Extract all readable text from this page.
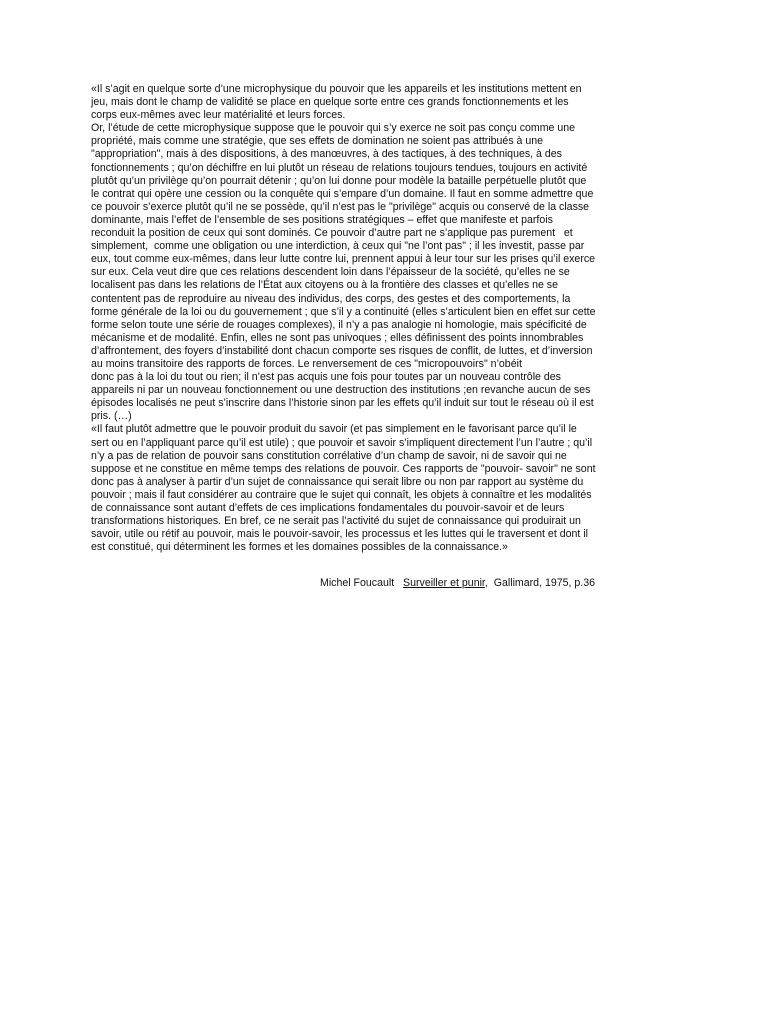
«Il s’agit en quelque sorte d’une microphysique du pouvoir que les appareils et les institutions mettent en
jeu, mais dont le champ de validité se place en quelque sorte entre ces grands fonctionnements et les
corps eux-mêmes avec leur matérialité et leurs forces.
Or, l’étude de cette microphysique suppose que le pouvoir qui s’y exerce ne soit pas conçu comme une
propriété, mais comme une stratégie, que ses effets de domination ne soient pas attribués à une
"appropriation", mais à des dispositions, à des manœuvres, à des tactiques, à des techniques, à des
fonctionnements ; qu’on déchiffre en lui plutôt un réseau de relations toujours tendues, toujours en activité
plutôt qu’un privilège qu’on pourrait détenir ; qu’on lui donne pour modèle la bataille perpétuelle plutôt que
le contrat qui opère une cession ou la conquête qui s’empare d’un domaine. Il faut en somme admettre que
ce pouvoir s’exerce plutôt qu’il ne se possède, qu’il n’est pas le "privilège" acquis ou conservé de la classe
dominante, mais l’effet de l’ensemble de ses positions stratégiques – effet que manifeste et parfois
reconduit la position de ceux qui sont dominés. Ce pouvoir d’autre part ne s’applique pas purement   et
simplement,  comme une obligation ou une interdiction, à ceux qui "ne l’ont pas" ; il les investit, passe par
eux, tout comme eux-mêmes, dans leur lutte contre lui, prennent appui à leur tour sur les prises qu’il exerce
sur eux. Cela veut dire que ces relations descendent loin dans l’épaisseur de la société, qu’elles ne se
localisent pas dans les relations de l’État aux citoyens ou à la frontière des classes et qu’elles ne se
contentent pas de reproduire au niveau des individus, des corps, des gestes et des comportements, la
forme générale de la loi ou du gouvernement ; que s’il y a continuité (elles s’articulent bien en effet sur cette
forme selon toute une série de rouages complexes), il n’y a pas analogie ni homologie, mais spécificité de
mécanisme et de modalité. Enfin, elles ne sont pas univoques ; elles définissent des points innombrables
d’affrontement, des foyers d’instabilité dont chacun comporte ses risques de conflit, de luttes, et d’inversion
au moins transitoire des rapports de forces. Le renversement de ces "micropouvoirs" n’obéit
donc pas à la loi du tout ou rien; il n’est pas acquis une fois pour toutes par un nouveau contrôle des
appareils ni par un nouveau fonctionnement ou une destruction des institutions ;en revanche aucun de ses
épisodes localisés ne peut s’inscrire dans l’historie sinon par les effets qu’il induit sur tout le réseau où il est
pris. (…)
«Il faut plutôt admettre que le pouvoir produit du savoir (et pas simplement en le favorisant parce qu’il le
sert ou en l’appliquant parce qu’il est utile) ; que pouvoir et savoir s’impliquent directement l’un l’autre ; qu’il
n’y a pas de relation de pouvoir sans constitution corrélative d’un champ de savoir, ni de savoir qui ne
suppose et ne constitue en même temps des relations de pouvoir. Ces rapports de "pouvoir- savoir" ne sont
donc pas à analyser à partir d’un sujet de connaissance qui serait libre ou non par rapport au système du
pouvoir ; mais il faut considérer au contraire que le sujet qui connaît, les objets à connaître et les modalités
de connaissance sont autant d’effets de ces implications fondamentales du pouvoir-savoir et de leurs
transformations historiques. En bref, ce ne serait pas l’activité du sujet de connaissance qui produirait un
savoir, utile ou rétif au pouvoir, mais le pouvoir-savoir, les processus et les luttes qui le traversent et dont il
est constitué, qui déterminent les formes et les domaines possibles de la connaissance.»
Michel Foucault Surveiller et punir,  Gallimard, 1975, p.36
